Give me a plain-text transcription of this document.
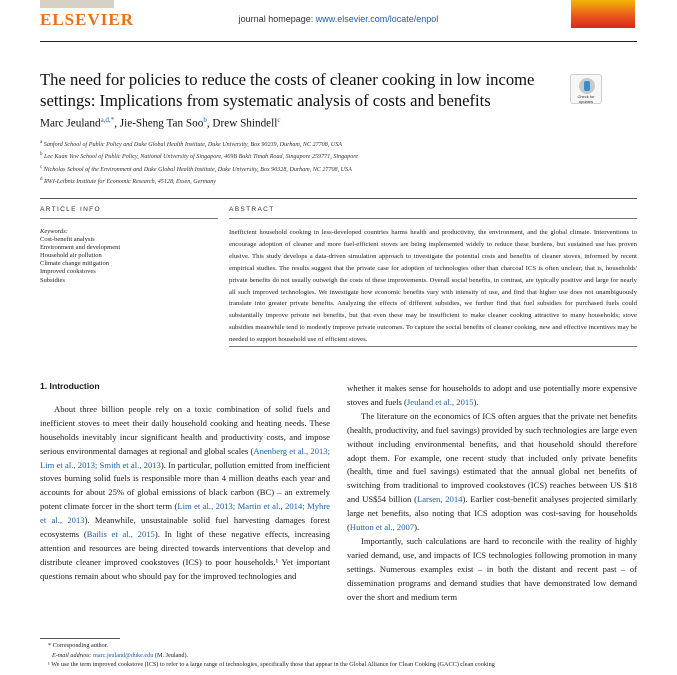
ELSEVIER	journal homepage: www.elsevier.com/locate/enpol
The need for policies to reduce the costs of cleaner cooking in low income settings: Implications from systematic analysis of costs and benefits	Check for updates
Marc Jeuland$^{a,d,*}$, Jie-Sheng Tan Soo$^b$, Drew Shindell$^c$
$^a$ Sanford School of Public Policy and Duke Global Health Institute, Duke University, Box 90239, Durham, NC 27708, USA
$^b$ Lee Kuan Yew School of Public Policy, National University of Singapore, 469B Bukit Timah Road, Singapore 259771, Singapore
$^c$ Nicholas School of the Environment and Duke Global Health Institute, Duke University, Box 90328, Durham, NC 27708, USA
$^d$ RWI-Leibniz Institute for Economic Research, 45128, Essen, Germany
ARTICLE INFO	ABSTRACT
Keywords:
Cost-benefit analysis
Environment and development
Household air pollution
Climate change mitigation
Improved cookstoves
Subsidies
Inefficient household cooking in less-developed countries harms health and productivity, the environment, and the global climate. Interventions to encourage adoption of cleaner and more fuel-efficient stoves are being implemented widely to reduce these burdens, but sustained use has proven elusive. This study develops a data-driven simulation approach to investigate the potential costs and benefits of cleaner stoves, informed by recent empirical studies. The results suggest that the private case for adoption of technologies other than charcoal ICS is often unclear; that is, households' private benefits do not usually outweigh the costs of these improvements. Overall social benefits, in contrast, are typically positive and large for nearly all such improved technologies. We investigate how economic benefits vary with intensity of use, and find that higher use does not unambiguously translate into greater private benefits. Analyzing the effects of different subsidies, we further find that fuel subsidies for purchased fuels could substantially improve private net benefits, but that even these may be insufficient to make cleaner cooking attractive to many households; stove subsidies meanwhile tend to modestly improve private outcomes. To capture the social benefits of cleaner cooking, new and effective incentives may be needed to support household use of efficient stoves.
1. Introduction

About three billion people rely on a toxic combination of solid fuels and inefficient stoves to meet their daily household cooking and heating needs. These households inevitably incur significant health and productivity costs, and impose serious environmental damages at regional and global scales (Anenberg et al., 2013; Lim et al., 2013; Smith et al., 2013). In particular, pollution emitted from inefficient stoves burning solid fuels is responsible more than 4 million deaths each year and accounts for about 25% of global emissions of black carbon (BC) – an extremely potent climate forcer in the short term (Lim et al., 2013; Martin et al., 2014; Myhre et al., 2013). Meanwhile, unsustainable solid fuel harvesting damages forest ecosystems (Bailis et al., 2015). In light of these negative effects, increasing attention and resources are being directed towards interventions that develop and distribute cleaner improved cookstoves (ICS) to poor households.¹ Yet important questions remain about who should pay for the improved technologies and

whether it makes sense for households to adopt and use potentially more expensive stoves and fuels (Jeuland et al., 2015).

The literature on the economics of ICS often argues that the private net benefits (health, productivity, and fuel savings) provided by such technologies are large even without including environmental benefits, and that household should therefore adopt them. For example, one recent study that included only private benefits (health, time and fuel savings) estimated that the annual global net benefits of switching from traditional to improved cookstoves (ICS) reaches between US $18 and US$54 billion (Larsen, 2014). Earlier cost-benefit analyses projected similarly large net benefits, also noting that ICS adoption was cost-saving for households (Hutton et al., 2007).

Importantly, such calculations are hard to reconcile with the reality of highly varied demand, use, and impacts of ICS technologies following promotion in many settings. Numerous examples exist – in both the distant and recent past – of dissemination programs and demand studies that have demonstrated low demand over the short and medium term

* Corresponding author.
E-mail address: marc.jeuland@duke.edu (M. Jeuland).
¹ We use the term improved cookstove (ICS) to refer to a large range of technologies, specifically those that appear in the Global Alliance for Clean Cooking (GACC) clean cooking
